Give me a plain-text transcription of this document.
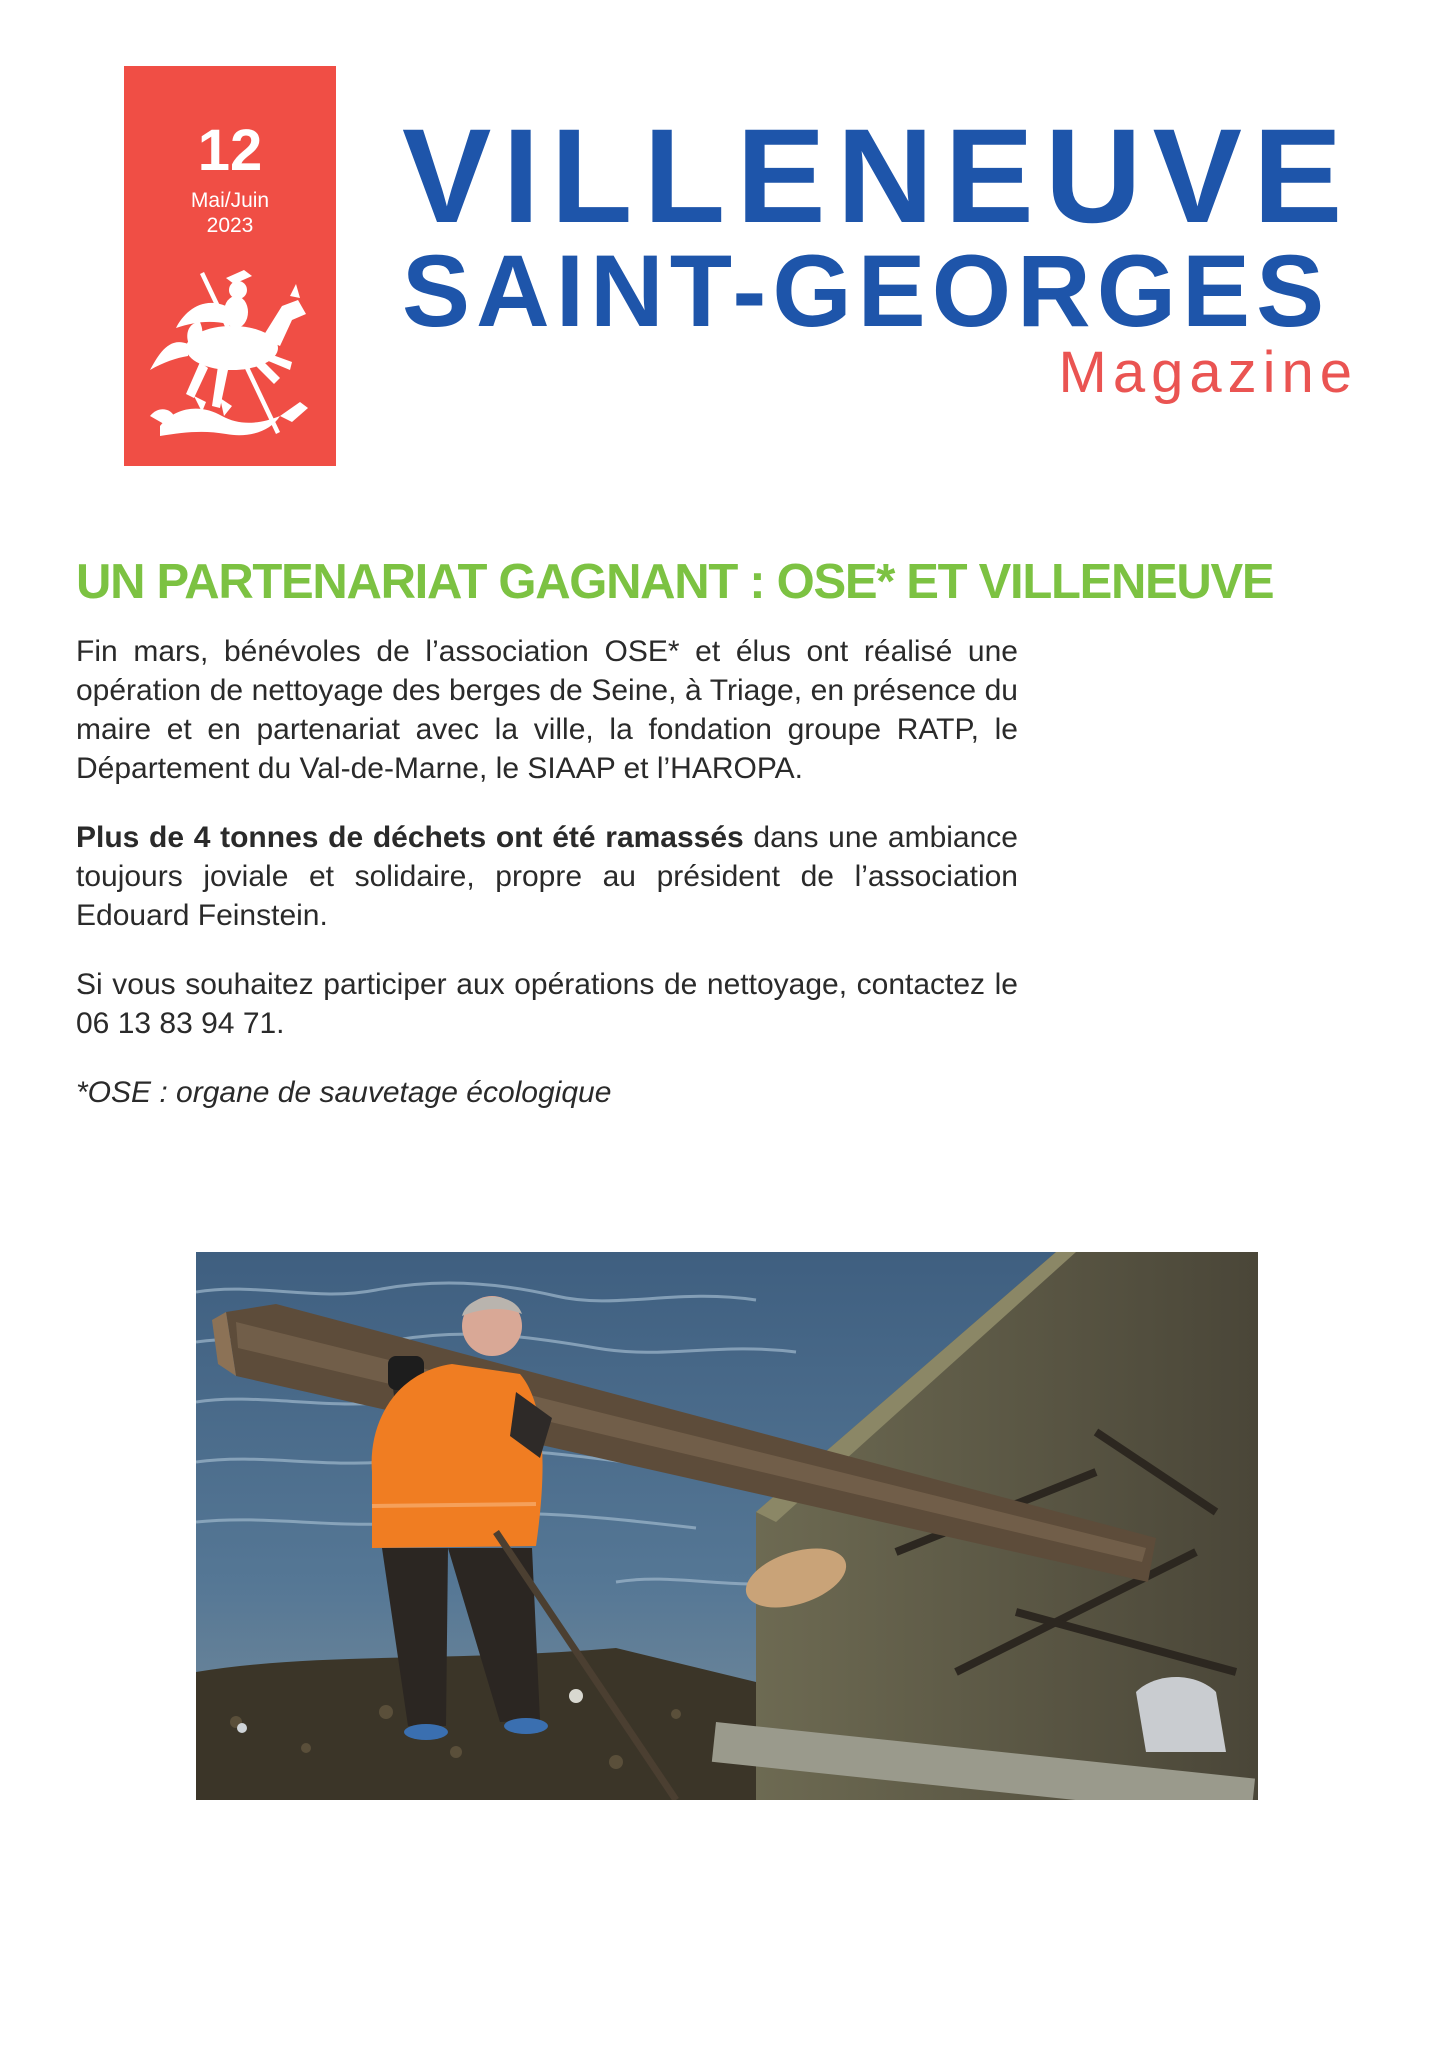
12
Mai/Juin
2023	VILLENEUVE
SAINT-GEORGES
Magazine
UN PARTENARIAT GAGNANT : OSE* ET VILLENEUVE

Fin mars, bénévoles de l’association OSE* et élus ont réalisé une opération de nettoyage des berges de Seine, à Triage, en présence du maire et en partenariat avec la ville, la fondation groupe RATP, le Département du Val-de-Marne, le SIAAP et l’HAROPA.

Plus de 4 tonnes de déchets ont été ramassés dans une ambiance toujours joviale et solidaire, propre au président de l’association Edouard Feinstein.

Si vous souhaitez participer aux opérations de nettoyage, contactez le 06 13 83 94 71.

*OSE : organe de sauvetage écologique
